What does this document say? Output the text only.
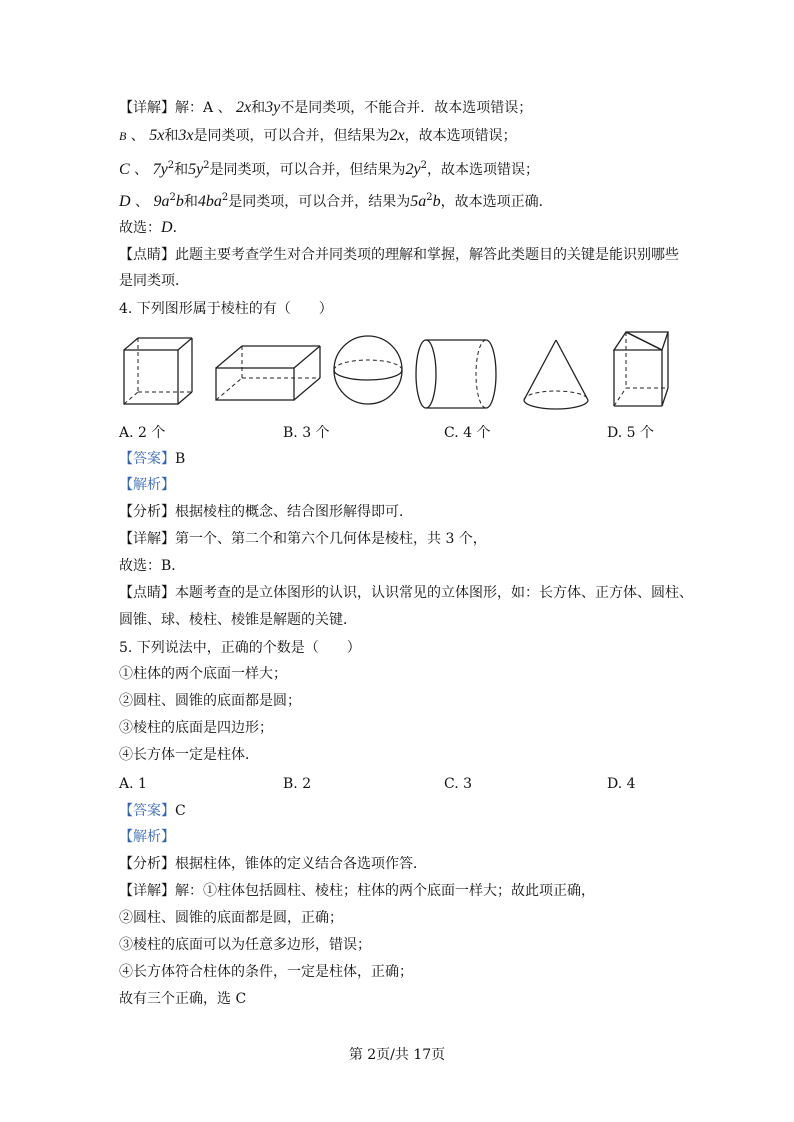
【详解】解：A 、 2x和3y不是同类项，不能合并．故本选项错误；
B 、 5x和3x是同类项，可以合并，但结果为2x，故本选项错误；
C 、 $7y^2$和$5y^2$是同类项，可以合并，但结果为$2y^2$，故本选项错误；
D 、 $9a^2b$和$4ba^2$是同类项，可以合并，结果为$5a^2b$，故本选项正确．
故选：D．
【点睛】此题主要考查学生对合并同类项的理解和掌握，解答此类题目的关键是能识别哪些
是同类项．
4. 下列图形属于棱柱的有（　　）
A. 2 个	B. 3 个	C. 4 个	D. 5 个
【答案】B
【解析】
【分析】根据棱柱的概念、结合图形解得即可．
【详解】第一个、第二个和第六个几何体是棱柱，共 3 个，
故选：B．
【点睛】本题考查的是立体图形的认识，认识常见的立体图形，如：长方体、正方体、圆柱、
圆锥、球、棱柱、棱锥是解题的关键．
5. 下列说法中，正确的个数是（　　）
①柱体的两个底面一样大；
②圆柱、圆锥的底面都是圆；
③棱柱的底面是四边形；
④长方体一定是柱体．
A. 1	B. 2	C. 3	D. 4
【答案】C
【解析】
【分析】根据柱体，锥体的定义结合各选项作答．
【详解】解：①柱体包括圆柱、棱柱；柱体的两个底面一样大；故此项正确，
②圆柱、圆锥的底面都是圆，正确；
③棱柱的底面可以为任意多边形，错误；
④长方体符合柱体的条件，一定是柱体，正确；
故有三个正确，选 C
第 2页/共 17页
